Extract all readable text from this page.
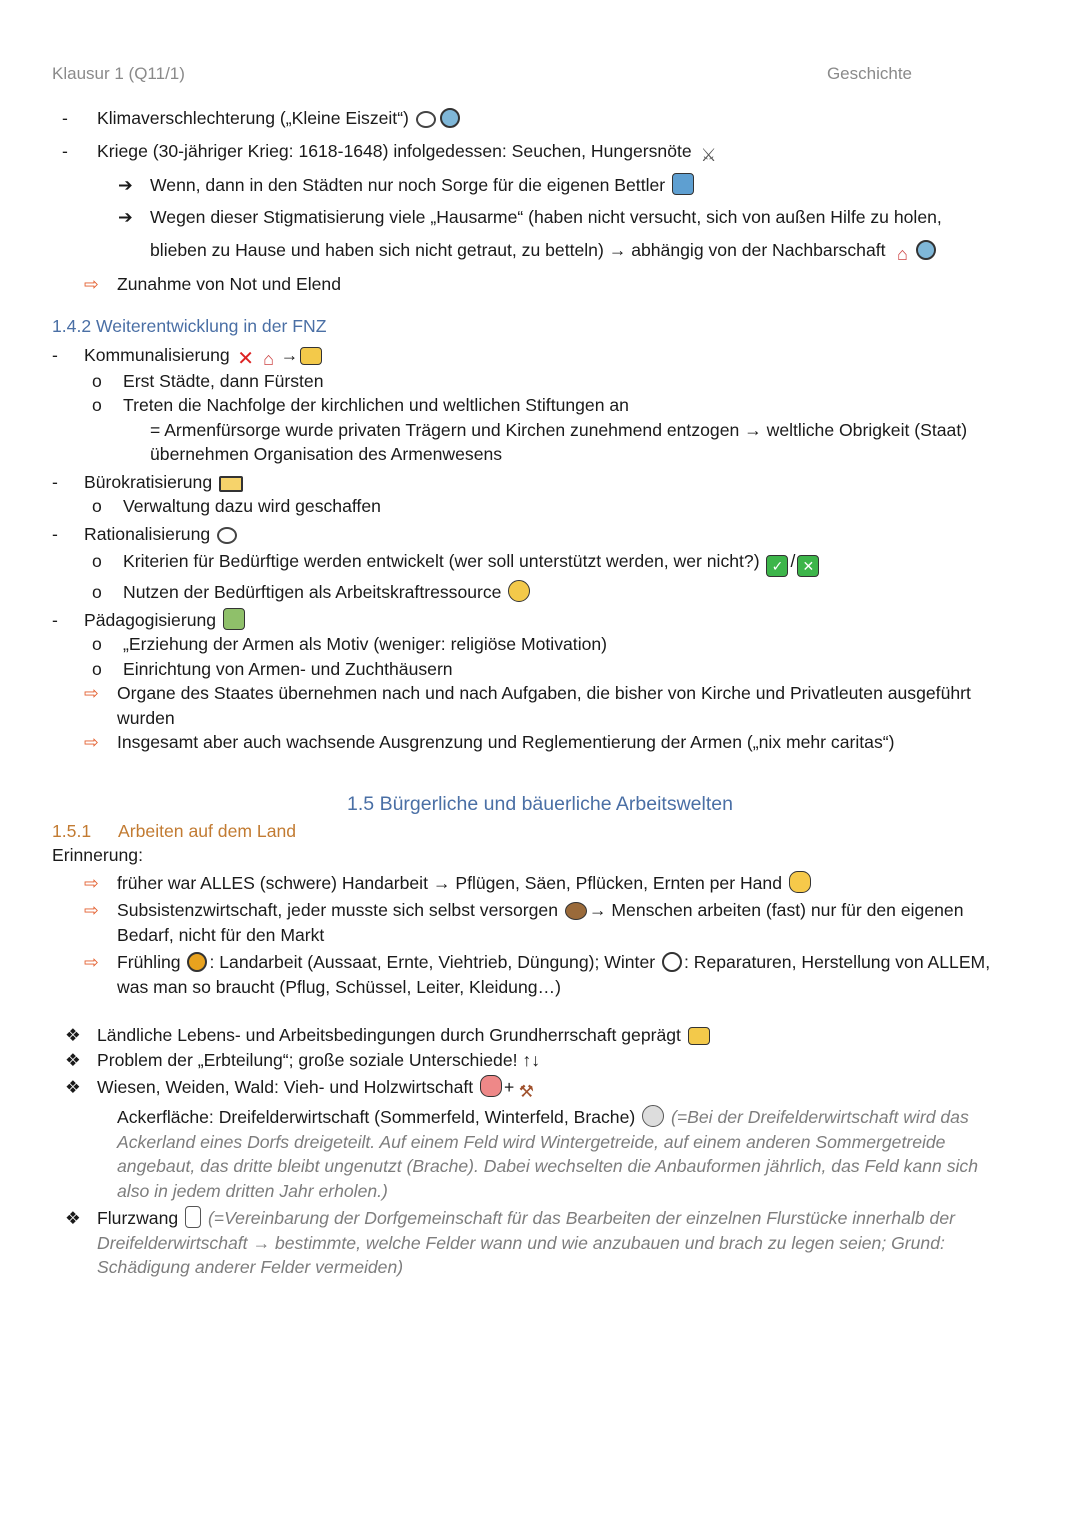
Klausur 1 (Q11/1)	Geschichte
- Klimaverschlechterung („Kleine Eiszeit“)
- Kriege (30-jähriger Krieg: 1618-1648) infolgedessen: Seuchen, Hungersnöte ⚔
➔ Wenn, dann in den Städten nur noch Sorge für die eigenen Bettler
➔ Wegen dieser Stigmatisierung viele „Hausarme“ (haben nicht versucht, sich von außen Hilfe zu holen,
blieben zu Hause und haben sich nicht getraut, zu betteln) → abhängig von der Nachbarschaft ⌂
⇨ Zunahme von Not und Elend
1.4.2 Weiterentwicklung in der FNZ
- Kommunalisierung ✕ ⌂ →
o Erst Städte, dann Fürsten
o Treten die Nachfolge der kirchlichen und weltlichen Stiftungen an
= Armenfürsorge wurde privaten Trägern und Kirchen zunehmend entzogen → weltliche Obrigkeit (Staat)
übernehmen Organisation des Armenwesens
- Bürokratisierung
o Verwaltung dazu wird geschaffen
- Rationalisierung
o Kriterien für Bedürftige werden entwickelt (wer soll unterstützt werden, wer nicht?) ✓ / ✕
o Nutzen der Bedürftigen als Arbeitskraftressource
- Pädagogisierung
o „Erziehung der Armen als Motiv (weniger: religiöse Motivation)
o Einrichtung von Armen- und Zuchthäusern
⇨ Organe des Staates übernehmen nach und nach Aufgaben, die bisher von Kirche und Privatleuten ausgeführt
wurden
⇨ Insgesamt aber auch wachsende Ausgrenzung und Reglementierung der Armen („nix mehr caritas“)
1.5 Bürgerliche und bäuerliche Arbeitswelten
1.5.1 Arbeiten auf dem Land
Erinnerung:
⇨ früher war ALLES (schwere) Handarbeit → Pflügen, Säen, Pflücken, Ernten per Hand
⇨ Subsistenzwirtschaft, jeder musste sich selbst versorgen → Menschen arbeiten (fast) nur für den eigenen
Bedarf, nicht für den Markt
⇨ Frühling : Landarbeit (Aussaat, Ernte, Viehtrieb, Düngung); Winter : Reparaturen, Herstellung von ALLEM,
was man so braucht (Pflug, Schüssel, Leiter, Kleidung…)
❖ Ländliche Lebens- und Arbeitsbedingungen durch Grundherrschaft geprägt
❖ Problem der „Erbteilung“; große soziale Unterschiede! ↑↓
❖ Wiesen, Weiden, Wald: Vieh- und Holzwirtschaft + ⚒
Ackerfläche: Dreifelderwirtschaft (Sommerfeld, Winterfeld, Brache) (=Bei der Dreifelderwirtschaft wird das
Ackerland eines Dorfs dreigeteilt. Auf einem Feld wird Wintergetreide, auf einem anderen Sommergetreide
angebaut, das dritte bleibt ungenutzt (Brache). Dabei wechselten die Anbauformen jährlich, das Feld kann sich
also in jedem dritten Jahr erholen.)
❖ Flurzwang (=Vereinbarung der Dorfgemeinschaft für das Bearbeiten der einzelnen Flurstücke innerhalb der
Dreifelderwirtschaft → bestimmte, welche Felder wann und wie anzubauen und brach zu legen seien; Grund:
Schädigung anderer Felder vermeiden)
